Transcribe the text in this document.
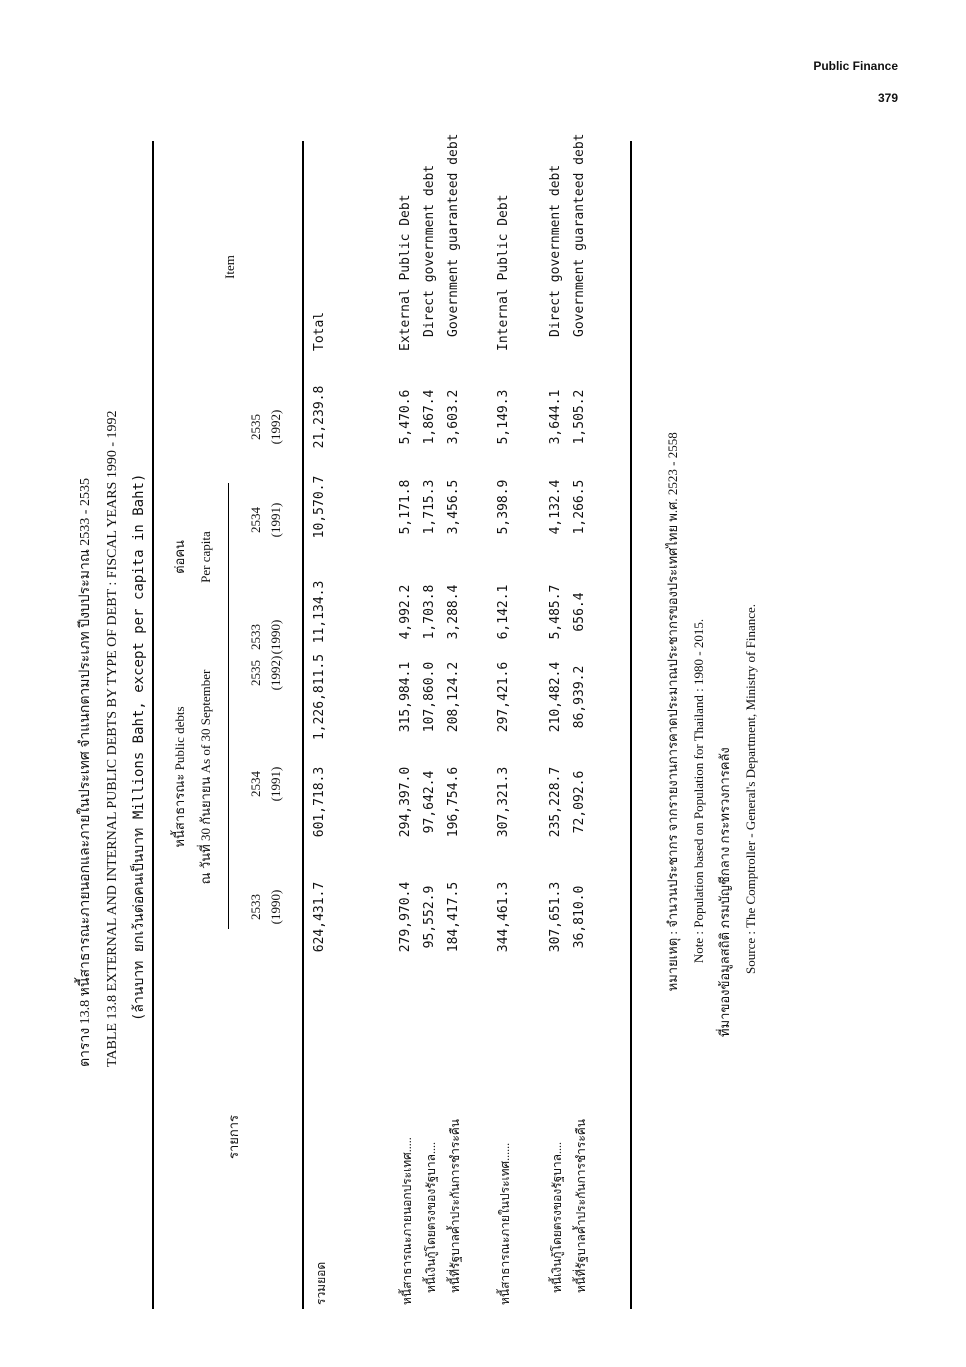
Public Finance
379
ตาราง 13.8 หนี้สาธารณะภายนอกและภายในประเทศ จำแนกตามประเภท ปีงบประมาณ 2533 - 2535 TABLE 13.8 EXTERNAL AND INTERNAL PUBLIC DEBTS BY TYPE OF DEBT : FISCAL YEARS 1990 - 1992 (ล้านบาท ยกเว้นต่อคนเป็นบาท Millions Baht, except per capita in Baht)
รายการ
หนี้สาธารณะ Public debts ณ วันที่ 30 กันยายน As of 30 September
ต่อคน Per capita
Item
2533 (1990)
2534 (1991)
2535 (1992)
2533 (1990)
2534 (1991)
2535 (1992)
รวมยอด
624,431.7
601,718.3
1,226,811.5
11,134.3
10,570.7
21,239.8
Total
หนี้สาธารณะภายนอกประเทศ.....
279,970.4
294,397.0
315,984.1
4,992.2
5,171.8
5,470.6
External Public Debt
หนี้เงินกู้โดยตรงของรัฐบาล....
95,552.9
97,642.4
107,860.0
1,703.8
1,715.3
1,867.4
Direct government debt
หนี้ที่รัฐบาลค้ำประกันการชำระคืน
184,417.5
196,754.6
208,124.2
3,288.4
3,456.5
3,603.2
Government guaranteed debt
หนี้สาธารณะภายในประเทศ......
344,461.3
307,321.3
297,421.6
6,142.1
5,398.9
5,149.3
Internal Public Debt
หนี้เงินกู้โดยตรงของรัฐบาล....
307,651.3
235,228.7
210,482.4
5,485.7
4,132.4
3,644.1
Direct government debt
หนี้ที่รัฐบาลค้ำประกันการชำระคืน
36,810.0
72,092.6
86,939.2
656.4
1,266.5
1,505.2
Government guaranteed debt
หมายเหตุ : จำนวนประชากร จากรายงานการคาดประมาณประชากรของประเทศไทย พ.ศ. 2523 - 2558
Note : Population based on Population for Thailand : 1980 - 2015.
ที่มาของข้อมูลสถิติ : กรมบัญชีกลาง กระทรวงการคลัง
Source : The Comptroller - General's Department, Ministry of Finance.
